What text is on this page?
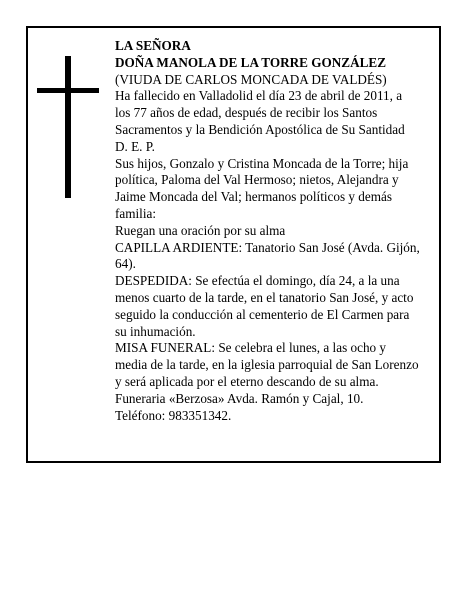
LA SEÑORA

DOÑA MANOLA DE LA TORRE GONZÁLEZ

(VIUDA DE CARLOS MONCADA DE VALDÉS)

Ha fallecido en Valladolid el día 23 de abril de 2011, a los 77 años de edad, después de recibir los Santos Sacramentos y la Bendición Apostólica de Su Santidad

D. E. P.

Sus hijos, Gonzalo y Cristina Moncada de la Torre; hija política, Paloma del Val Hermoso; nietos, Alejandra y Jaime Moncada del Val; hermanos políticos y demás familia:

Ruegan una oración por su alma

CAPILLA ARDIENTE: Tanatorio San José (Avda. Gijón, 64).

DESPEDIDA: Se efectúa el domingo, día 24, a la una menos cuarto de la tarde, en el tanatorio San José, y acto seguido la conducción al cementerio de El Carmen para su inhumación.

MISA FUNERAL: Se celebra el lunes, a las ocho y media de la tarde, en la iglesia parroquial de San Lorenzo y será aplicada por el eterno descando de su alma.

Funeraria «Berzosa» Avda. Ramón y Cajal, 10.

Teléfono: 983351342.
